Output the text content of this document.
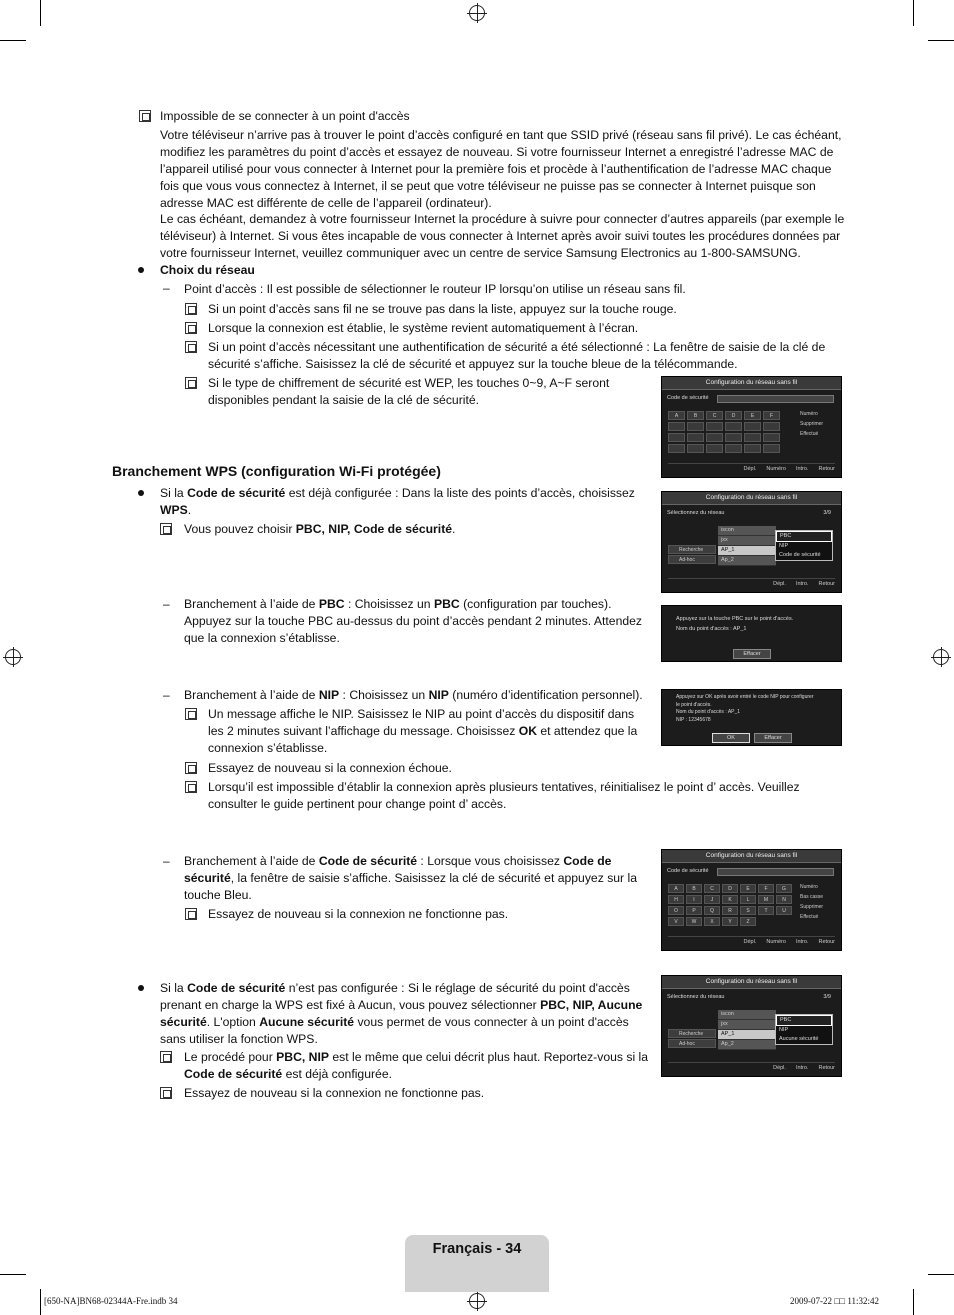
Impossible de se connecter à un point d'accès
Votre téléviseur n’arrive pas à trouver le point d’accès configuré en tant que SSID privé (réseau sans fil privé). Le cas échéant, modifiez les paramètres du point d’accès et essayez de nouveau. Si votre fournisseur Internet a enregistré l’adresse MAC de l’appareil utilisé pour vous connecter à Internet pour la première fois et procède à l’authentification de l’adresse MAC chaque fois que vous vous connectez à Internet, il se peut que votre téléviseur ne puisse pas se connecter à Internet puisque son adresse MAC est différente de celle de l’appareil (ordinateur).
Le cas échéant, demandez à votre fournisseur Internet la procédure à suivre pour connecter d’autres appareils (par exemple le téléviseur) à Internet. Si vous êtes incapable de vous connecter à Internet après avoir suivi toutes les procédures données par votre fournisseur Internet, veuillez communiquer avec un centre de service Samsung Electronics au 1-800-SAMSUNG.
Choix du réseau
– Point d’accès : Il est possible de sélectionner le routeur IP lorsqu’on utilise un réseau sans fil.
Si un point d’accès sans fil ne se trouve pas dans la liste, appuyez sur la touche rouge.
Lorsque la connexion est établie, le système revient automatiquement à l’écran.
Si un point d’accès nécessitant une authentification de sécurité a été sélectionné : La fenêtre de saisie de la clé de sécurité s’affiche. Saisissez la clé de sécurité et appuyez sur la touche bleue de la télécommande.
Si le type de chiffrement de sécurité est WEP, les touches 0~9, A~F seront disponibles pendant la saisie de la clé de sécurité.
Configuration du réseau sans fil
Code de sécurité
A	B	C	D	E	F	Numéro
Supprimer
Effectué
Dépl. Numéro Intro. Retour
Branchement WPS (configuration Wi-Fi protégée)
Si la Code de sécurité est déjà configurée : Dans la liste des points d’accès, choisissez WPS.
Vous pouvez choisir PBC, NIP, Code de sécurité.
Configuration du réseau sans fil
Sélectionnez du réseau	3/9
Recherche
Ad-hoc
iscon
jxx
AP_1
Ap_2
PBC
NIP
Code de sécurité
Dépl. Intro. Retour
– Branchement à l’aide de PBC : Choisissez un PBC (configuration par touches). Appuyez sur la touche PBC au-dessus du point d’accès pendant 2 minutes. Attendez que la connexion s’établisse.
Appuyez sur la touche PBC sur le point d'accès.
Nom du point d'accès : AP_1
Effacer
– Branchement à l’aide de NIP : Choisissez un NIP (numéro d’identification personnel).
Un message affiche le NIP. Saisissez le NIP au point d’accès du dispositif dans les 2 minutes suivant l’affichage du message. Choisissez OK et attendez que la connexion s’établisse.
Essayez de nouveau si la connexion échoue.
Lorsqu’il est impossible d’établir la connexion après plusieurs tentatives, réinitialisez le point d’ accès. Veuillez consulter le guide pertinent pour change point d’ accès.
Appuyez sur OK après avoir entré le code NIP pour configurer
le point d'accès.
Nom du point d'accès : AP_1
NIP : 12345678
OK	Effacer
– Branchement à l’aide de Code de sécurité : Lorsque vous choisissez Code de sécurité, la fenêtre de saisie s’affiche. Saisissez la clé de sécurité et appuyez sur la touche Bleu.
Essayez de nouveau si la connexion ne fonctionne pas.
Configuration du réseau sans fil
Code de sécurité
A	B	C	D	E	F	G
H	I	J	K	L	M	N
O	P	Q	R	S	T	U
V	W	X	Y	Z
Numéro
Bas casse
Supprimer
Effectué
Dépl. Numéro Intro. Retour
Si la Code de sécurité n’est pas configurée : Si le réglage de sécurité du point d'accès prenant en charge la WPS est fixé à Aucun, vous pouvez sélectionner PBC, NIP, Aucune sécurité. L'option Aucune sécurité vous permet de vous connecter à un point d'accès sans utiliser la fonction WPS.
Le procédé pour PBC, NIP est le même que celui décrit plus haut. Reportez-vous si la Code de sécurité est déjà configurée.
Essayez de nouveau si la connexion ne fonctionne pas.
Configuration du réseau sans fil
Sélectionnez du réseau	3/9
Recherche
Ad-hoc
iscon
jxx
AP_1
Ap_2
PBC
NIP
Aucune sécurité
Dépl. Intro. Retour
Français - 34
[650-NA]BN68-02344A-Fre.indb 34	2009-07-22 □□ 11:32:42
